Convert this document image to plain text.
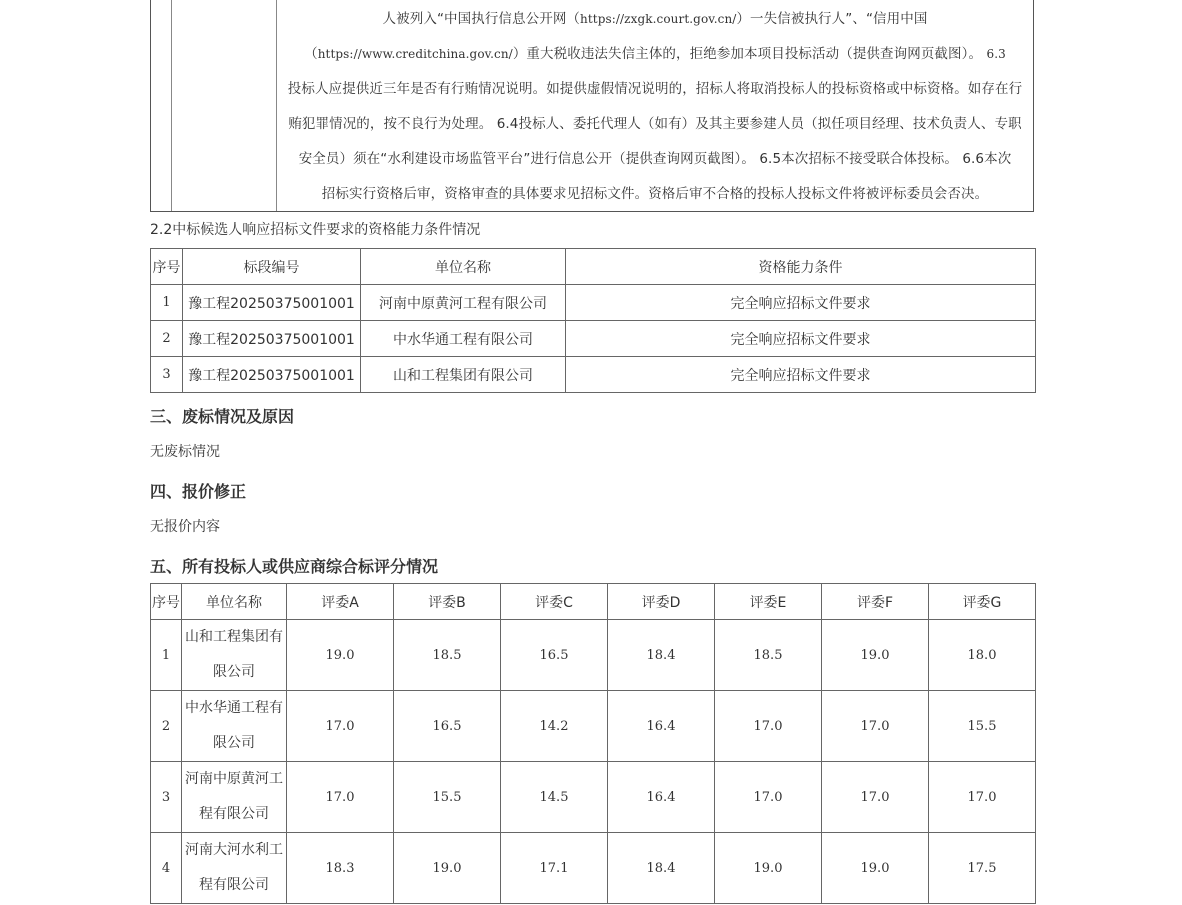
人被列入“中国执行信息公开网（https://zxgk.court.gov.cn/）一失信被执行人”、“信用中国
（https://www.creditchina.gov.cn/）重大税收违法失信主体的，拒绝参加本项目投标活动（提供查询网页截图）。 6.3
投标人应提供近三年是否有行贿情况说明。如提供虚假情况说明的，招标人将取消投标人的投标资格或中标资格。如存在行
贿犯罪情况的，按不良行为处理。 6.4投标人、委托代理人（如有）及其主要参建人员（拟任项目经理、技术负责人、专职
安全员）须在“水利建设市场监管平台”进行信息公开（提供查询网页截图）。 6.5本次招标不接受联合体投标。 6.6本次
招标实行资格后审，资格审查的具体要求见招标文件。资格后审不合格的投标人投标文件将被评标委员会否决。
2.2中标候选人响应招标文件要求的资格能力条件情况
序号	标段编号	单位名称	资格能力条件
1	豫工程20250375001001	河南中原黄河工程有限公司	完全响应招标文件要求
2	豫工程20250375001001	中水华通工程有限公司	完全响应招标文件要求
3	豫工程20250375001001	山和工程集团有限公司	完全响应招标文件要求
三、废标情况及原因

无废标情况

四、报价修正

无报价内容

五、所有投标人或供应商综合标评分情况
序号	单位名称	评委A	评委B	评委C	评委D	评委E	评委F	评委G
1	山和工程集团有
限公司	19.0	18.5	16.5	18.4	18.5	19.0	18.0
2	中水华通工程有
限公司	17.0	16.5	14.2	16.4	17.0	17.0	15.5
3	河南中原黄河工
程有限公司	17.0	15.5	14.5	16.4	17.0	17.0	17.0
4	河南大河水利工
程有限公司	18.3	19.0	17.1	18.4	19.0	19.0	17.5
